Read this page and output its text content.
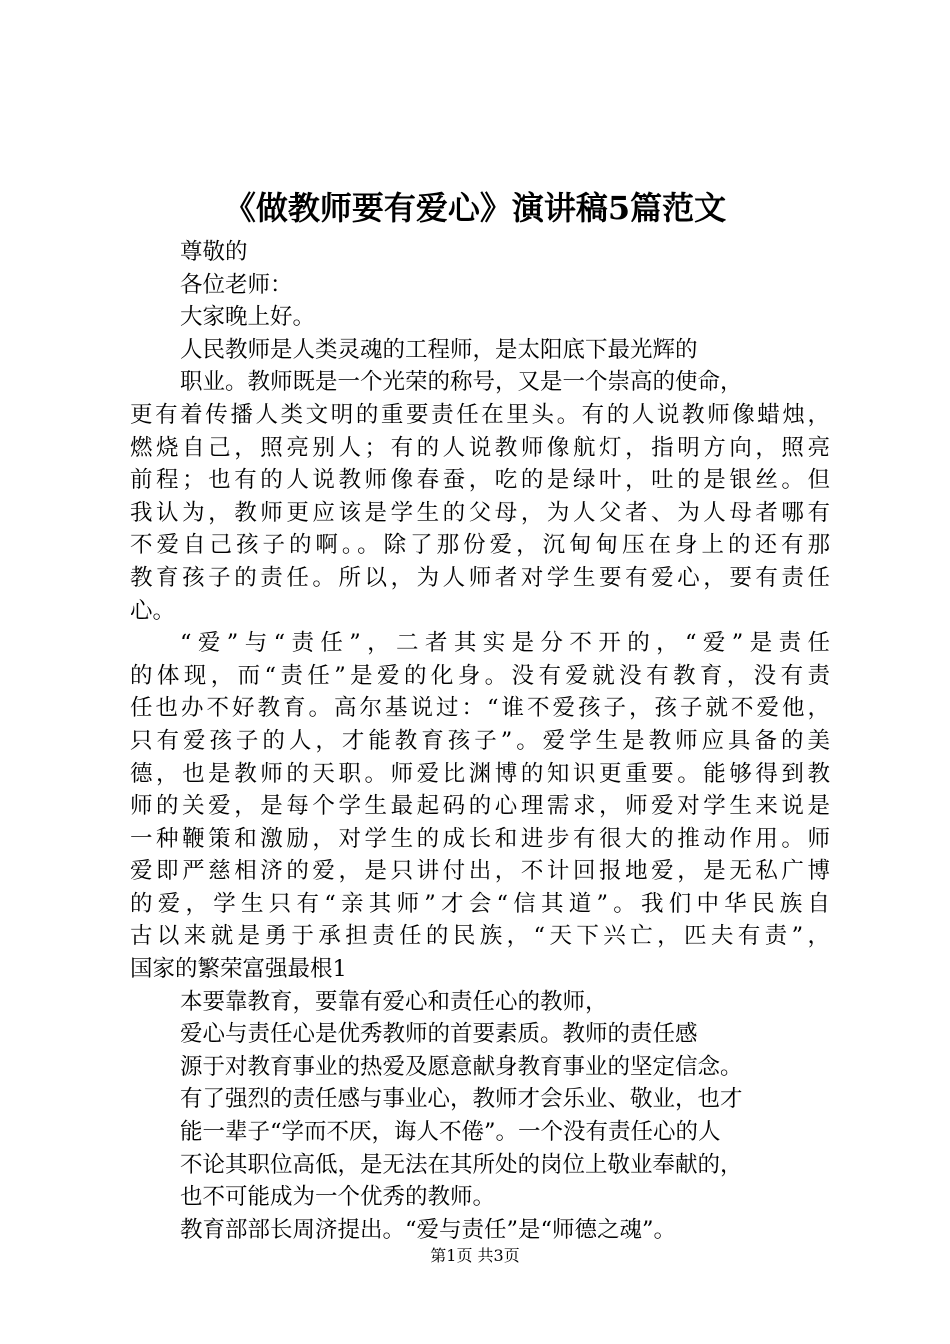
《做教师要有爱心》演讲稿5篇范文
尊敬的
各位老师：
大家晚上好。
人民教师是人类灵魂的工程师，是太阳底下最光辉的
职业。教师既是一个光荣的称号，又是一个崇高的使命，
更有着传播人类文明的重要责任在里头。有的人说教师像蜡烛，
燃烧自己，照亮别人；有的人说教师像航灯，指明方向，照亮
前程；也有的人说教师像春蚕，吃的是绿叶，吐的是银丝。但
我认为，教师更应该是学生的父母，为人父者、为人母者哪有
不爱自己孩子的啊。。除了那份爱，沉甸甸压在身上的还有那
教育孩子的责任。所以，为人师者对学生要有爱心，要有责任
心。
“爱”与“责任”，二者其实是分不开的，“爱”是责任
的体现，而“责任”是爱的化身。没有爱就没有教育，没有责
任也办不好教育。高尔基说过：“谁不爱孩子，孩子就不爱他，
只有爱孩子的人，才能教育孩子”。爱学生是教师应具备的美
德，也是教师的天职。师爱比渊博的知识更重要。能够得到教
师的关爱，是每个学生最起码的心理需求，师爱对学生来说是
一种鞭策和激励，对学生的成长和进步有很大的推动作用。师
爱即严慈相济的爱，是只讲付出，不计回报地爱，是无私广博
的爱，学生只有“亲其师”才会“信其道”。我们中华民族自
古以来就是勇于承担责任的民族，“天下兴亡，匹夫有责”，
国家的繁荣富强最根1
本要靠教育，要靠有爱心和责任心的教师，
爱心与责任心是优秀教师的首要素质。教师的责任感
源于对教育事业的热爱及愿意献身教育事业的坚定信念。
有了强烈的责任感与事业心，教师才会乐业、敬业，也才
能一辈子“学而不厌，诲人不倦”。一个没有责任心的人
不论其职位高低，是无法在其所处的岗位上敬业奉献的，
也不可能成为一个优秀的教师。
教育部部长周济提出。“爱与责任”是“师德之魂”。
第1页 共3页
